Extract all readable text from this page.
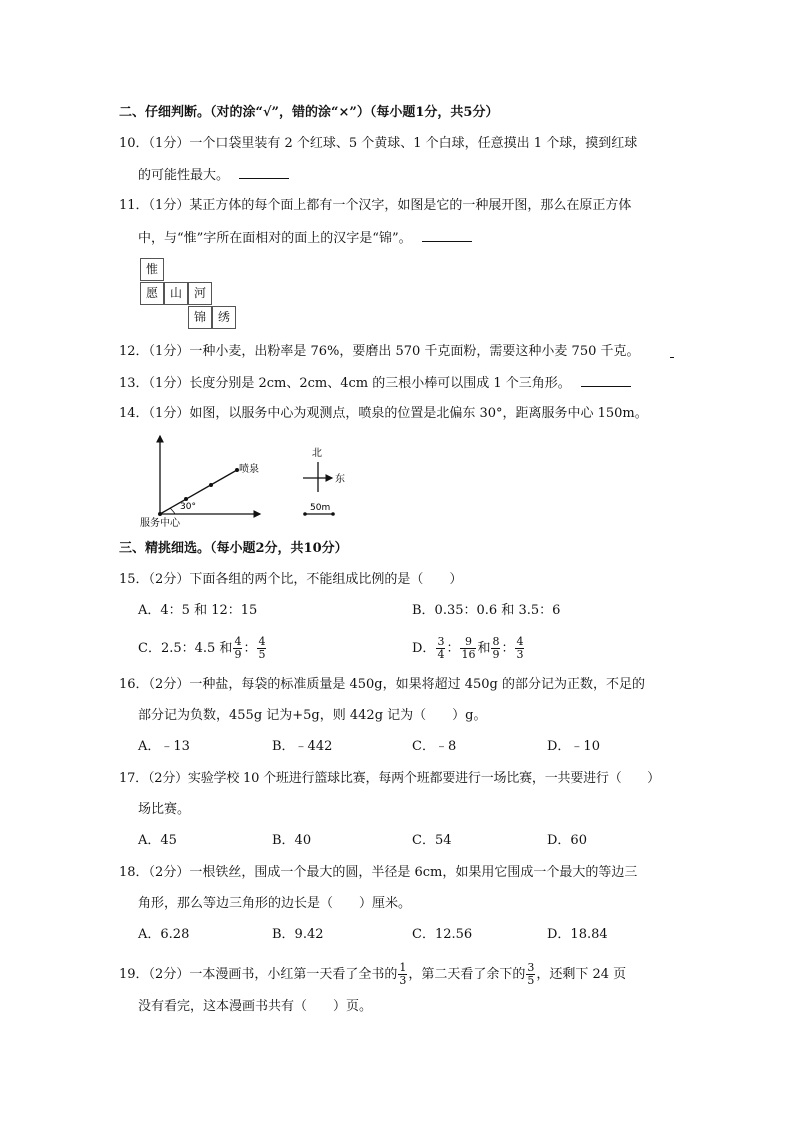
二、仔细判断。（对的涂“√”，错的涂“×”）（每小题1分，共5分）
10．（1分）一个口袋里装有 2 个红球、5 个黄球、1 个白球，任意摸出 1 个球，摸到红球
的可能性最大。
11．（1分）某正方体的每个面上都有一个汉字，如图是它的一种展开图，那么在原正方体
中，与“惟”字所在面相对的面上的汉字是“锦”。
惟
愿 山 河
锦 绣
12．（1分）一种小麦，出粉率是 76%，要磨出 570 千克面粉，需要这种小麦 750 千克。
13．（1分）长度分别是 2cm、2cm、4cm 的三根小棒可以围成 1 个三角形。
14．（1分）如图，以服务中心为观测点，喷泉的位置是北偏东 30°，距离服务中心 150m。
喷泉
30°
服务中心
北
东
50m
三、精挑细选。（每小题2分，共10分）
15．（2分）下面各组的两个比，不能组成比例的是（　　）
A．4：5 和 12：15	B．0.35：0.6 和 3.5：6
C．2.5：4.5 和 $\frac{4}{9}$ ： $\frac{4}{5}$	D． $\frac{3}{4}$ ： $\frac{9}{16}$ 和 $\frac{8}{9}$ ： $\frac{4}{3}$
16．（2分）一种盐，每袋的标准质量是 450g，如果将超过 450g 的部分记为正数，不足的
部分记为负数，455g 记为+5g，则 442g 记为（　　）g。
A．﹣13	B．﹣442	C．﹣8	D．﹣10
17．（2分）实验学校 10 个班进行篮球比赛，每两个班都要进行一场比赛，一共要进行（　　）
场比赛。
A．45	B．40	C．54	D．60
18．（2分）一根铁丝，围成一个最大的圆，半径是 6cm，如果用它围成一个最大的等边三
角形，那么等边三角形的边长是（　　）厘米。
A．6.28	B．9.42	C．12.56	D．18.84
19．（2分）一本漫画书，小红第一天看了全书的 $\frac{1}{3}$ ，第二天看了余下的 $\frac{3}{5}$ ，还剩下 24 页
没有看完，这本漫画书共有（　　）页。
